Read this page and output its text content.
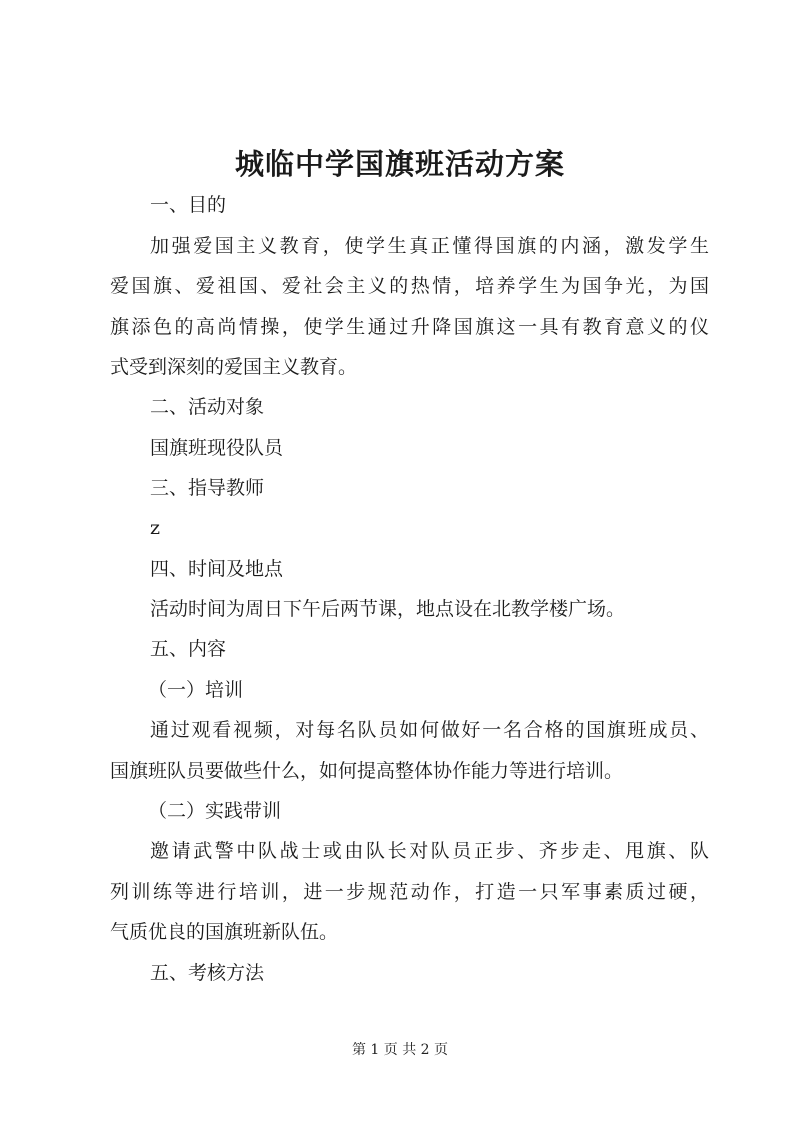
城临中学国旗班活动方案

一、目的

加强爱国主义教育，使学生真正懂得国旗的内涵，激发学生

爱国旗、爱祖国、爱社会主义的热情，培养学生为国争光，为国

旗添色的高尚情操，使学生通过升降国旗这一具有教育意义的仪

式受到深刻的爱国主义教育。

二、活动对象

国旗班现役队员

三、指导教师

z

四、时间及地点

活动时间为周日下午后两节课，地点设在北教学楼广场。

五、内容

（一）培训

通过观看视频，对每名队员如何做好一名合格的国旗班成员、

国旗班队员要做些什么，如何提高整体协作能力等进行培训。

（二）实践带训

邀请武警中队战士或由队长对队员正步、齐步走、甩旗、队

列训练等进行培训，进一步规范动作，打造一只军事素质过硬，

气质优良的国旗班新队伍。

五、考核方法

第 1 页 共 2 页
